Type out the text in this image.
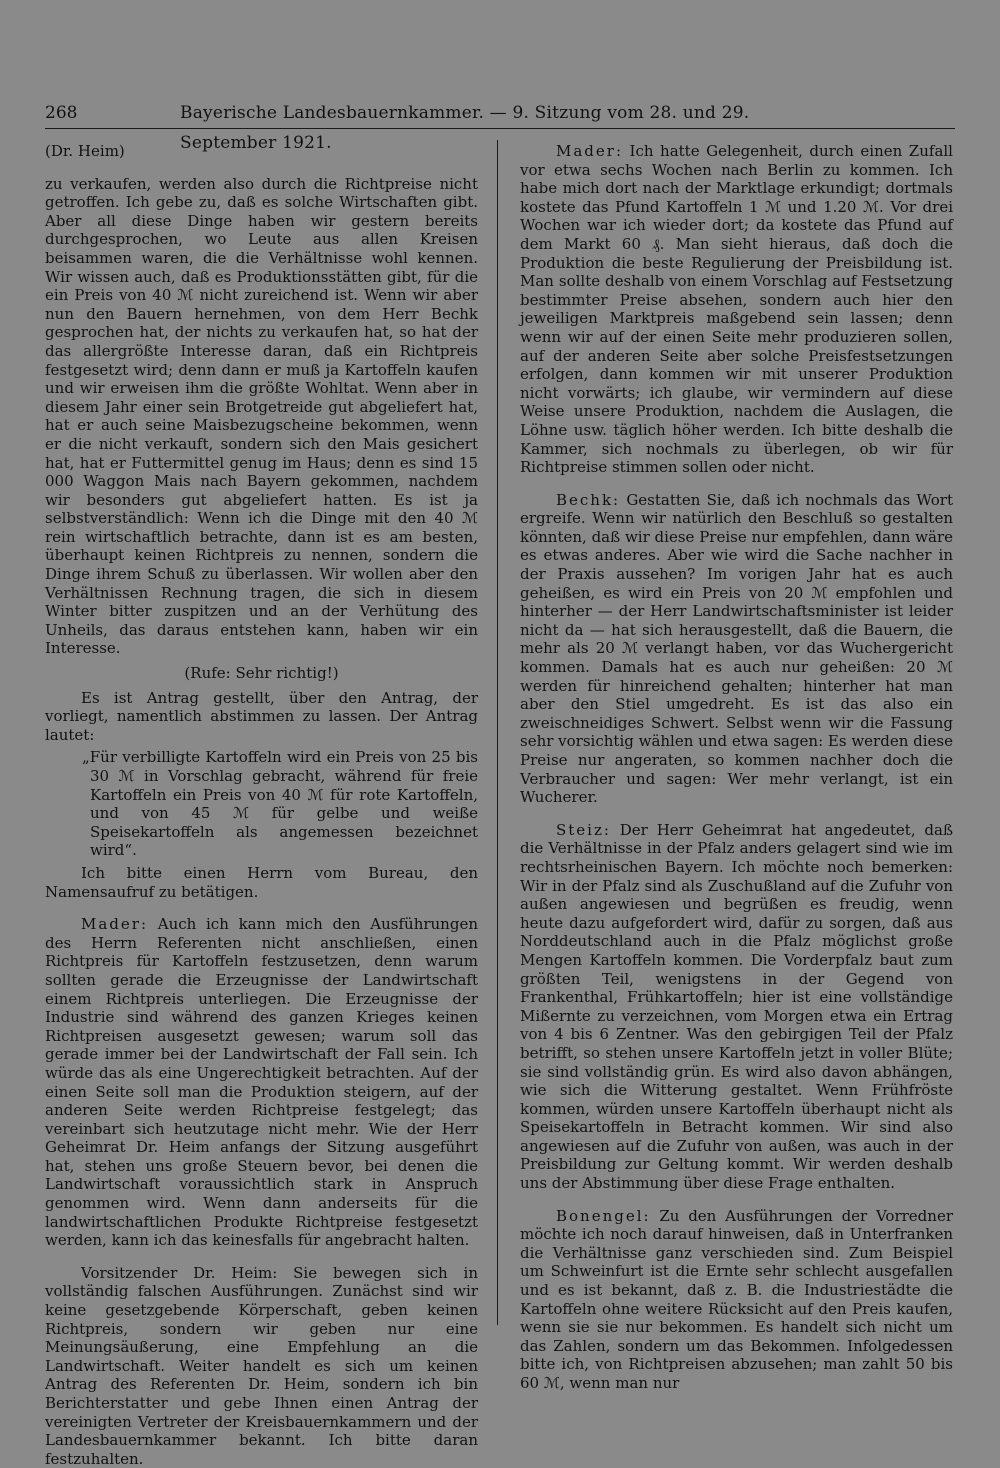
268	Bayerische Landesbauernkammer. — 9. Sitzung vom 28. und 29. September 1921.

(Dr. Heim)

zu verkaufen, werden also durch die Richtpreise nicht getroffen. Ich gebe zu, daß es solche Wirtschaften gibt. Aber all diese Dinge haben wir gestern bereits durchgesprochen, wo Leute aus allen Kreisen beisammen waren, die die Verhältnisse wohl kennen. Wir wissen auch, daß es Produktionsstätten gibt, für die ein Preis von 40 ℳ nicht zureichend ist. Wenn wir aber nun den Bauern hernehmen, von dem Herr Bechk gesprochen hat, der nichts zu verkaufen hat, so hat der das allergrößte Interesse daran, daß ein Richtpreis festgesetzt wird; denn dann er muß ja Kartoffeln kaufen und wir erweisen ihm die größte Wohltat. Wenn aber in diesem Jahr einer sein Brotgetreide gut abgeliefert hat, hat er auch seine Maisbezugscheine bekommen, wenn er die nicht verkauft, sondern sich den Mais gesichert hat, hat er Futtermittel genug im Haus; denn es sind 15 000 Waggon Mais nach Bayern gekommen, nachdem wir besonders gut abgeliefert hatten. Es ist ja selbstverständlich: Wenn ich die Dinge mit den 40 ℳ rein wirtschaftlich betrachte, dann ist es am besten, überhaupt keinen Richtpreis zu nennen, sondern die Dinge ihrem Schuß zu überlassen. Wir wollen aber den Verhältnissen Rechnung tragen, die sich in diesem Winter bitter zuspitzen und an der Verhütung des Unheils, das daraus entstehen kann, haben wir ein Interesse.

(Rufe: Sehr richtig!)

Es ist Antrag gestellt, über den Antrag, der vorliegt, namentlich abstimmen zu lassen. Der Antrag lautet:

„Für verbilligte Kartoffeln wird ein Preis von 25 bis 30 ℳ in Vorschlag gebracht, während für freie Kartoffeln ein Preis von 40 ℳ für rote Kartoffeln, und von 45 ℳ für gelbe und weiße Speisekartoffeln als angemessen bezeichnet wird“.

Ich bitte einen Herrn vom Bureau, den Namensaufruf zu betätigen.

Mader: Auch ich kann mich den Ausführungen des Herrn Referenten nicht anschließen, einen Richtpreis für Kartoffeln festzusetzen, denn warum sollten gerade die Erzeugnisse der Landwirtschaft einem Richtpreis unterliegen. Die Erzeugnisse der Industrie sind während des ganzen Krieges keinen Richtpreisen ausgesetzt gewesen; warum soll das gerade immer bei der Landwirtschaft der Fall sein. Ich würde das als eine Ungerechtigkeit betrachten. Auf der einen Seite soll man die Produktion steigern, auf der anderen Seite werden Richtpreise festgelegt; das vereinbart sich heutzutage nicht mehr. Wie der Herr Geheimrat Dr. Heim anfangs der Sitzung ausgeführt hat, stehen uns große Steuern bevor, bei denen die Landwirtschaft voraussichtlich stark in Anspruch genommen wird. Wenn dann anderseits für die landwirtschaftlichen Produkte Richtpreise festgesetzt werden, kann ich das keinesfalls für angebracht halten.

Vorsitzender Dr. Heim: Sie bewegen sich in vollständig falschen Ausführungen. Zunächst sind wir keine gesetzgebende Körperschaft, geben keinen Richtpreis, sondern wir geben nur eine Meinungsäußerung, eine Empfehlung an die Landwirtschaft. Weiter handelt es sich um keinen Antrag des Referenten Dr. Heim, sondern ich bin Berichterstatter und gebe Ihnen einen Antrag der vereinigten Vertreter der Kreisbauernkammern und der Landesbauernkammer bekannt. Ich bitte daran festzuhalten.

Mader: Ich hatte Gelegenheit, durch einen Zufall vor etwa sechs Wochen nach Berlin zu kommen. Ich habe mich dort nach der Marktlage erkundigt; dortmals kostete das Pfund Kartoffeln 1 ℳ und 1.20 ℳ. Vor drei Wochen war ich wieder dort; da kostete das Pfund auf dem Markt 60 ₰. Man sieht hieraus, daß doch die Produktion die beste Regulierung der Preisbildung ist. Man sollte deshalb von einem Vorschlag auf Festsetzung bestimmter Preise absehen, sondern auch hier den jeweiligen Marktpreis maßgebend sein lassen; denn wenn wir auf der einen Seite mehr produzieren sollen, auf der anderen Seite aber solche Preisfestsetzungen erfolgen, dann kommen wir mit unserer Produktion nicht vorwärts; ich glaube, wir vermindern auf diese Weise unsere Produktion, nachdem die Auslagen, die Löhne usw. täglich höher werden. Ich bitte deshalb die Kammer, sich nochmals zu überlegen, ob wir für Richtpreise stimmen sollen oder nicht.

Bechk: Gestatten Sie, daß ich nochmals das Wort ergreife. Wenn wir natürlich den Beschluß so gestalten könnten, daß wir diese Preise nur empfehlen, dann wäre es etwas anderes. Aber wie wird die Sache nachher in der Praxis aussehen? Im vorigen Jahr hat es auch geheißen, es wird ein Preis von 20 ℳ empfohlen und hinterher — der Herr Landwirtschaftsminister ist leider nicht da — hat sich herausgestellt, daß die Bauern, die mehr als 20 ℳ verlangt haben, vor das Wuchergericht kommen. Damals hat es auch nur geheißen: 20 ℳ werden für hinreichend gehalten; hinterher hat man aber den Stiel umgedreht. Es ist das also ein zweischneidiges Schwert. Selbst wenn wir die Fassung sehr vorsichtig wählen und etwa sagen: Es werden diese Preise nur angeraten, so kommen nachher doch die Verbraucher und sagen: Wer mehr verlangt, ist ein Wucherer.

Steiz: Der Herr Geheimrat hat angedeutet, daß die Verhältnisse in der Pfalz anders gelagert sind wie im rechtsrheinischen Bayern. Ich möchte noch bemerken: Wir in der Pfalz sind als Zuschußland auf die Zufuhr von außen angewiesen und begrüßen es freudig, wenn heute dazu aufgefordert wird, dafür zu sorgen, daß aus Norddeutschland auch in die Pfalz möglichst große Mengen Kartoffeln kommen. Die Vorderpfalz baut zum größten Teil, wenigstens in der Gegend von Frankenthal, Frühkartoffeln; hier ist eine vollständige Mißernte zu verzeichnen, vom Morgen etwa ein Ertrag von 4 bis 6 Zentner. Was den gebirgigen Teil der Pfalz betrifft, so stehen unsere Kartoffeln jetzt in voller Blüte; sie sind vollständig grün. Es wird also davon abhängen, wie sich die Witterung gestaltet. Wenn Frühfröste kommen, würden unsere Kartoffeln überhaupt nicht als Speisekartoffeln in Betracht kommen. Wir sind also angewiesen auf die Zufuhr von außen, was auch in der Preisbildung zur Geltung kommt. Wir werden deshalb uns der Abstimmung über diese Frage enthalten.

Bonengel: Zu den Ausführungen der Vorredner möchte ich noch darauf hinweisen, daß in Unterfranken die Verhältnisse ganz verschieden sind. Zum Beispiel um Schweinfurt ist die Ernte sehr schlecht ausgefallen und es ist bekannt, daß z. B. die Industriestädte die Kartoffeln ohne weitere Rücksicht auf den Preis kaufen, wenn sie sie nur bekommen. Es handelt sich nicht um das Zahlen, sondern um das Bekommen. Infolgedessen bitte ich, von Richtpreisen abzusehen; man zahlt 50 bis 60 ℳ, wenn man nur
